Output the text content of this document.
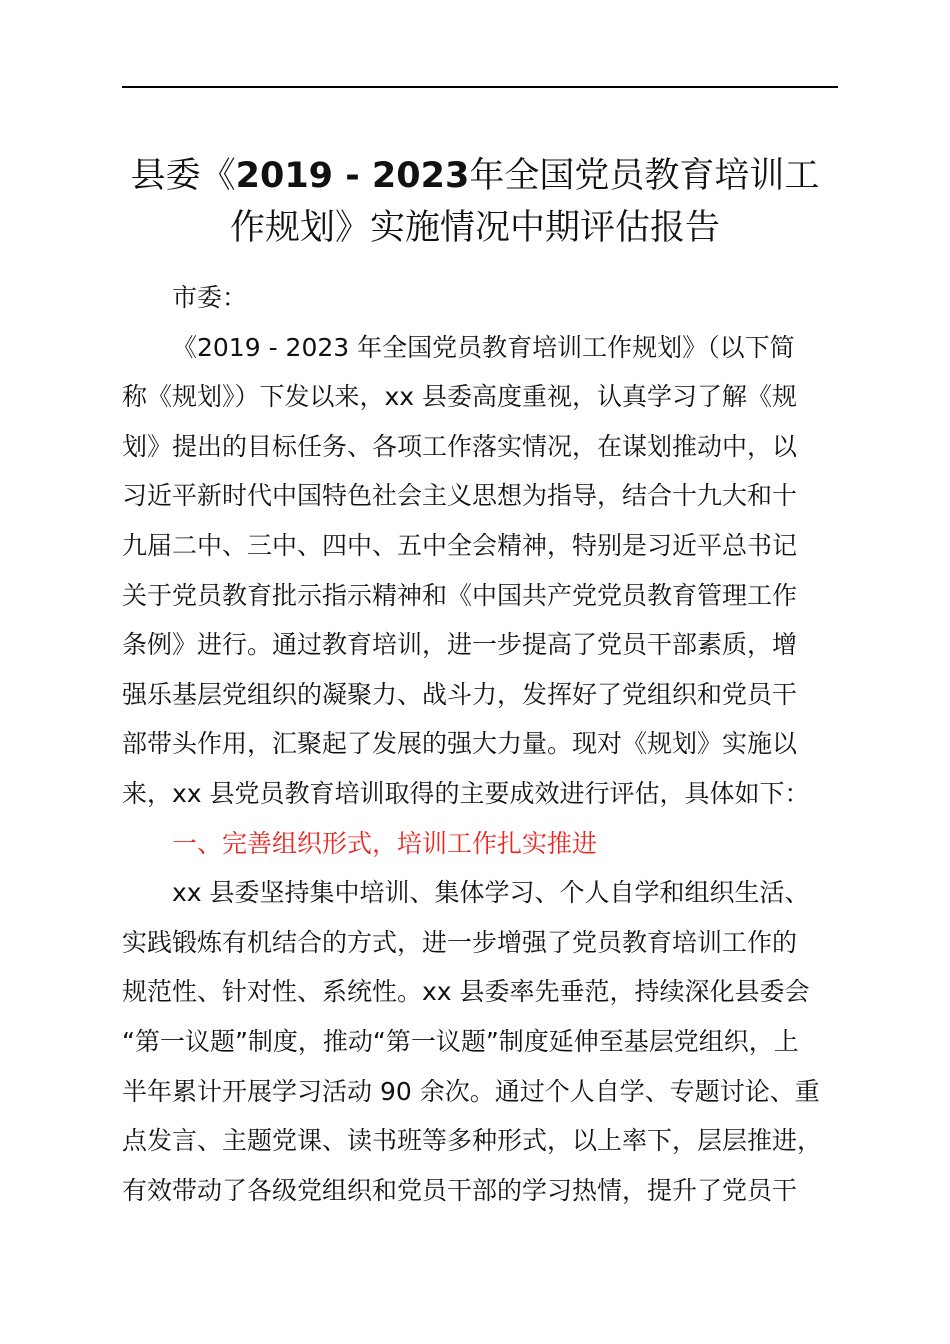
县委《2019 - 2023年全国党员教育培训工
作规划》实施情况中期评估报告
市委：
《2019 - 2023 年全国党员教育培训工作规划》（以下简
称《规划》）下发以来，xx 县委高度重视，认真学习了解《规
划》提出的目标任务、各项工作落实情况，在谋划推动中，以
习近平新时代中国特色社会主义思想为指导，结合十九大和十
九届二中、三中、四中、五中全会精神，特别是习近平总书记
关于党员教育批示指示精神和《中国共产党党员教育管理工作
条例》进行。通过教育培训，进一步提高了党员干部素质，增
强乐基层党组织的凝聚力、战斗力，发挥好了党组织和党员干
部带头作用，汇聚起了发展的强大力量。现对《规划》实施以
来，xx 县党员教育培训取得的主要成效进行评估，具体如下：
一、完善组织形式，培训工作扎实推进
xx 县委坚持集中培训、集体学习、个人自学和组织生活、
实践锻炼有机结合的方式，进一步增强了党员教育培训工作的
规范性、针对性、系统性。xx 县委率先垂范，持续深化县委会
“第一议题”制度，推动“第一议题”制度延伸至基层党组织，上
半年累计开展学习活动 90 余次。通过个人自学、专题讨论、重
点发言、主题党课、读书班等多种形式，以上率下，层层推进，
有效带动了各级党组织和党员干部的学习热情，提升了党员干
